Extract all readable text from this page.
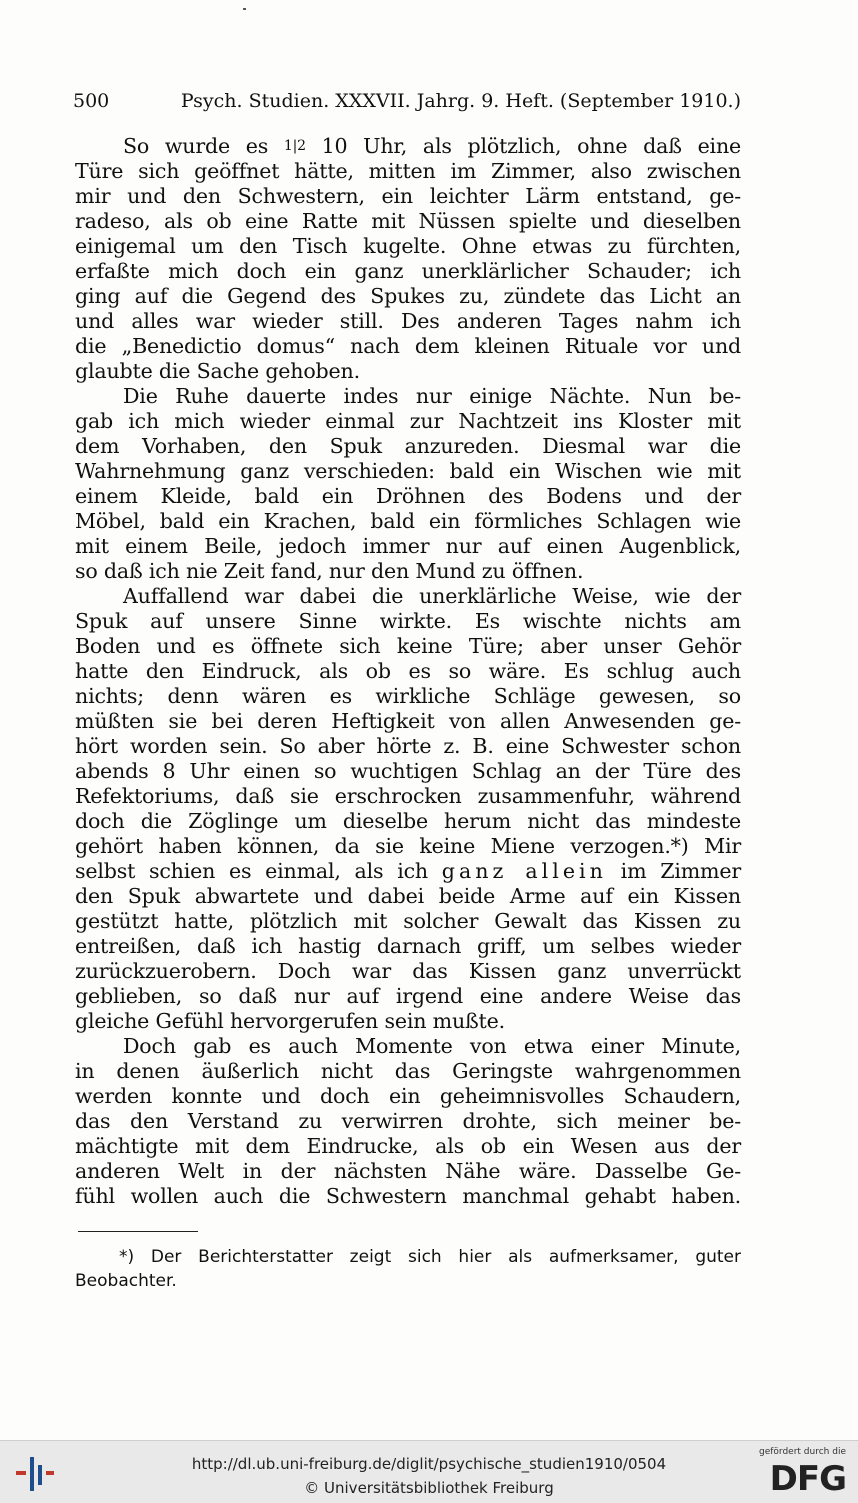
500	Psych. Studien. XXXVII. Jahrg. 9. Heft. (September 1910.)
So wurde es 1|2 10 Uhr, als plötzlich, ohne daß eine
Türe sich geöffnet hätte, mitten im Zimmer, also zwischen
mir und den Schwestern, ein leichter Lärm entstand, ge-
radeso, als ob eine Ratte mit Nüssen spielte und dieselben
einigemal um den Tisch kugelte. Ohne etwas zu fürchten,
erfaßte mich doch ein ganz unerklärlicher Schauder; ich
ging auf die Gegend des Spukes zu, zündete das Licht an
und alles war wieder still. Des anderen Tages nahm ich
die „Benedictio domus“ nach dem kleinen Rituale vor und
glaubte die Sache gehoben.
Die Ruhe dauerte indes nur einige Nächte. Nun be-
gab ich mich wieder einmal zur Nachtzeit ins Kloster mit
dem Vorhaben, den Spuk anzureden. Diesmal war die
Wahrnehmung ganz verschieden: bald ein Wischen wie mit
einem Kleide, bald ein Dröhnen des Bodens und der
Möbel, bald ein Krachen, bald ein förmliches Schlagen wie
mit einem Beile, jedoch immer nur auf einen Augenblick,
so daß ich nie Zeit fand, nur den Mund zu öffnen.
Auffallend war dabei die unerklärliche Weise, wie der
Spuk auf unsere Sinne wirkte. Es wischte nichts am
Boden und es öffnete sich keine Türe; aber unser Gehör
hatte den Eindruck, als ob es so wäre. Es schlug auch
nichts; denn wären es wirkliche Schläge gewesen, so
müßten sie bei deren Heftigkeit von allen Anwesenden ge-
hört worden sein. So aber hörte z. B. eine Schwester schon
abends 8 Uhr einen so wuchtigen Schlag an der Türe des
Refektoriums, daß sie erschrocken zusammenfuhr, während
doch die Zöglinge um dieselbe herum nicht das mindeste
gehört haben können, da sie keine Miene verzogen.*) Mir
selbst schien es einmal, als ich ganz allein im Zimmer
den Spuk abwartete und dabei beide Arme auf ein Kissen
gestützt hatte, plötzlich mit solcher Gewalt das Kissen zu
entreißen, daß ich hastig darnach griff, um selbes wieder
zurückzuerobern. Doch war das Kissen ganz unverrückt
geblieben, so daß nur auf irgend eine andere Weise das
gleiche Gefühl hervorgerufen sein mußte.
Doch gab es auch Momente von etwa einer Minute,
in denen äußerlich nicht das Geringste wahrgenommen
werden konnte und doch ein geheimnisvolles Schaudern,
das den Verstand zu verwirren drohte, sich meiner be-
mächtigte mit dem Eindrucke, als ob ein Wesen aus der
anderen Welt in der nächsten Nähe wäre. Dasselbe Ge-
fühl wollen auch die Schwestern manchmal gehabt haben.
*) Der Berichterstatter zeigt sich hier als aufmerksamer, guter
Beobachter.
http://dl.ub.uni-freiburg.de/diglit/psychische_studien1910/0504
© Universitätsbibliothek Freiburg
gefördert durch die
DFG
